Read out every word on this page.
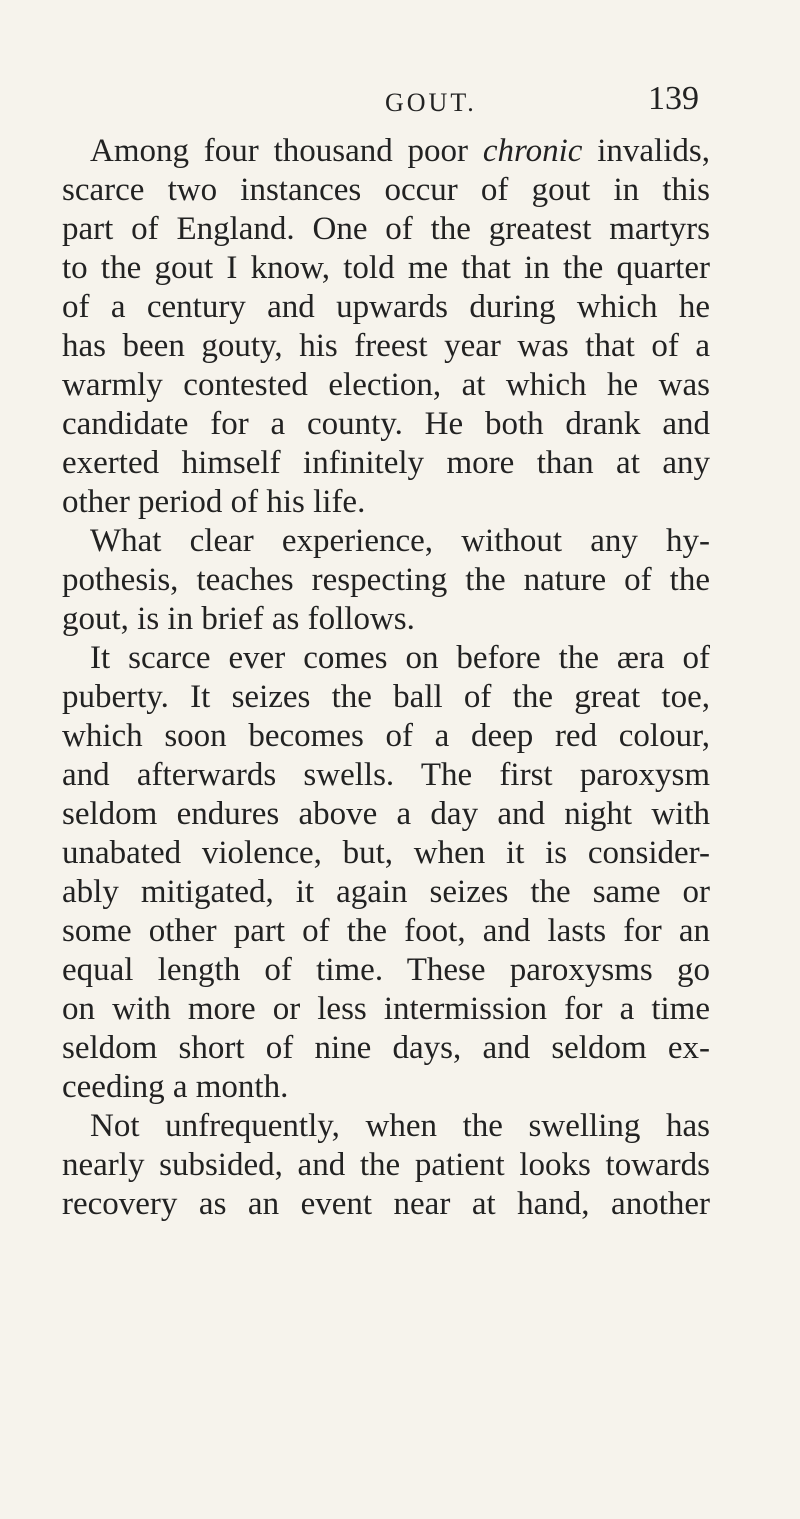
GOUT.	139
Among four thousand poor chronic invalids,
scarce two instances occur of gout in this
part of England. One of the greatest martyrs
to the gout I know, told me that in the quarter
of a century and upwards during which he
has been gouty, his freest year was that of a
warmly contested election, at which he was
candidate for a county. He both drank and
exerted himself infinitely more than at any
other period of his life.
What clear experience, without any hy-
pothesis, teaches respecting the nature of the
gout, is in brief as follows.
It scarce ever comes on before the æra of
puberty. It seizes the ball of the great toe,
which soon becomes of a deep red colour,
and afterwards swells. The first paroxysm
seldom endures above a day and night with
unabated violence, but, when it is consider-
ably mitigated, it again seizes the same or
some other part of the foot, and lasts for an
equal length of time. These paroxysms go
on with more or less intermission for a time
seldom short of nine days, and seldom ex-
ceeding a month.
Not unfrequently, when the swelling has
nearly subsided, and the patient looks towards
recovery as an event near at hand, another
